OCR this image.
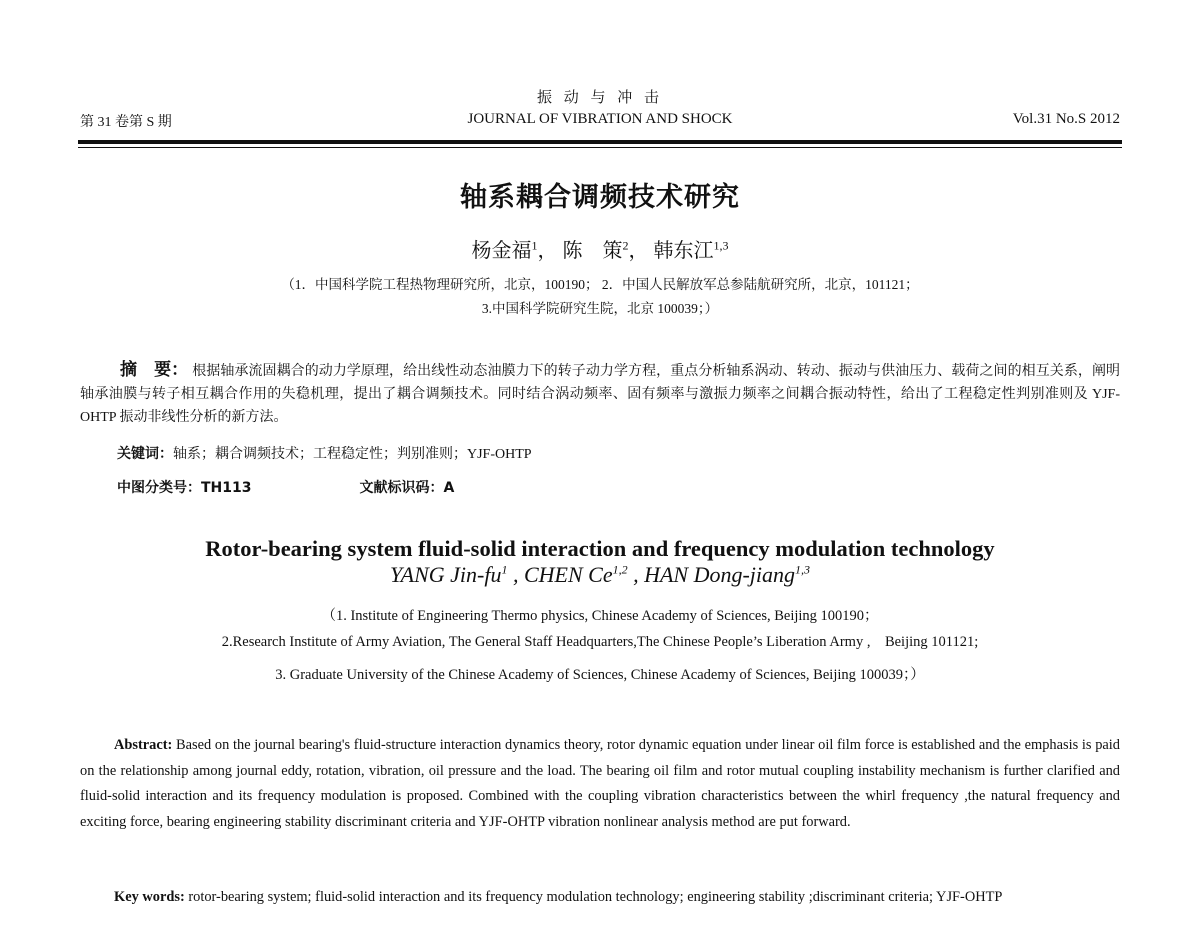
振 动 与 冲 击
第 31 卷第 S 期	JOURNAL OF VIBRATION AND SHOCK	Vol.31 No.S 2012
轴系耦合调频技术研究
杨金福$^1$， 陈　策$^2$， 韩东江$^{1,3}$
（1．中国科学院工程热物理研究所，北京，100190； 2．中国人民解放军总参陆航研究所，北京，101121；
3.中国科学院研究生院，北京 100039；）
摘　要： 根据轴承流固耦合的动力学原理，给出线性动态油膜力下的转子动力学方程，重点分析轴系涡动、转动、振动与供油压力、载荷之间的相互关系，阐明轴承油膜与转子相互耦合作用的失稳机理，提出了耦合调频技术。同时结合涡动频率、固有频率与激振力频率之间耦合振动特性，给出了工程稳定性判别准则及 YJF-OHTP 振动非线性分析的新方法。
关键词：轴系；耦合调频技术；工程稳定性；判别准则；YJF-OHTP
中图分类号：TH113	文献标识码：A
Rotor-bearing system fluid-solid interaction and frequency modulation technology
YANG Jin-$fu^1$ , CHEN Ce$^{1,2}$ , HAN Dong-jiang$^{1,3}$
（1. Institute of Engineering Thermo physics, Chinese Academy of Sciences, Beijing 100190；
2.Research Institute of Army Aviation, The General Staff Headquarters,The Chinese People’s Liberation Army ,    Beijing 101121;
3. Graduate University of the Chinese Academy of Sciences, Chinese Academy of Sciences, Beijing 100039；）
Abstract: Based on the journal bearing's fluid-structure interaction dynamics theory, rotor dynamic equation under linear oil film force is established and the emphasis is paid on the relationship among journal eddy, rotation, vibration, oil pressure and the load. The bearing oil film and rotor mutual coupling instability mechanism is further clarified and fluid-solid interaction and its frequency modulation is proposed. Combined with the coupling vibration characteristics between the whirl frequency ,the natural frequency and exciting force, bearing engineering stability discriminant criteria and YJF-OHTP vibration nonlinear analysis method are put forward.
Key words: rotor-bearing system; fluid-solid interaction and its frequency modulation technology; engineering stability ;discriminant criteria; YJF-OHTP
